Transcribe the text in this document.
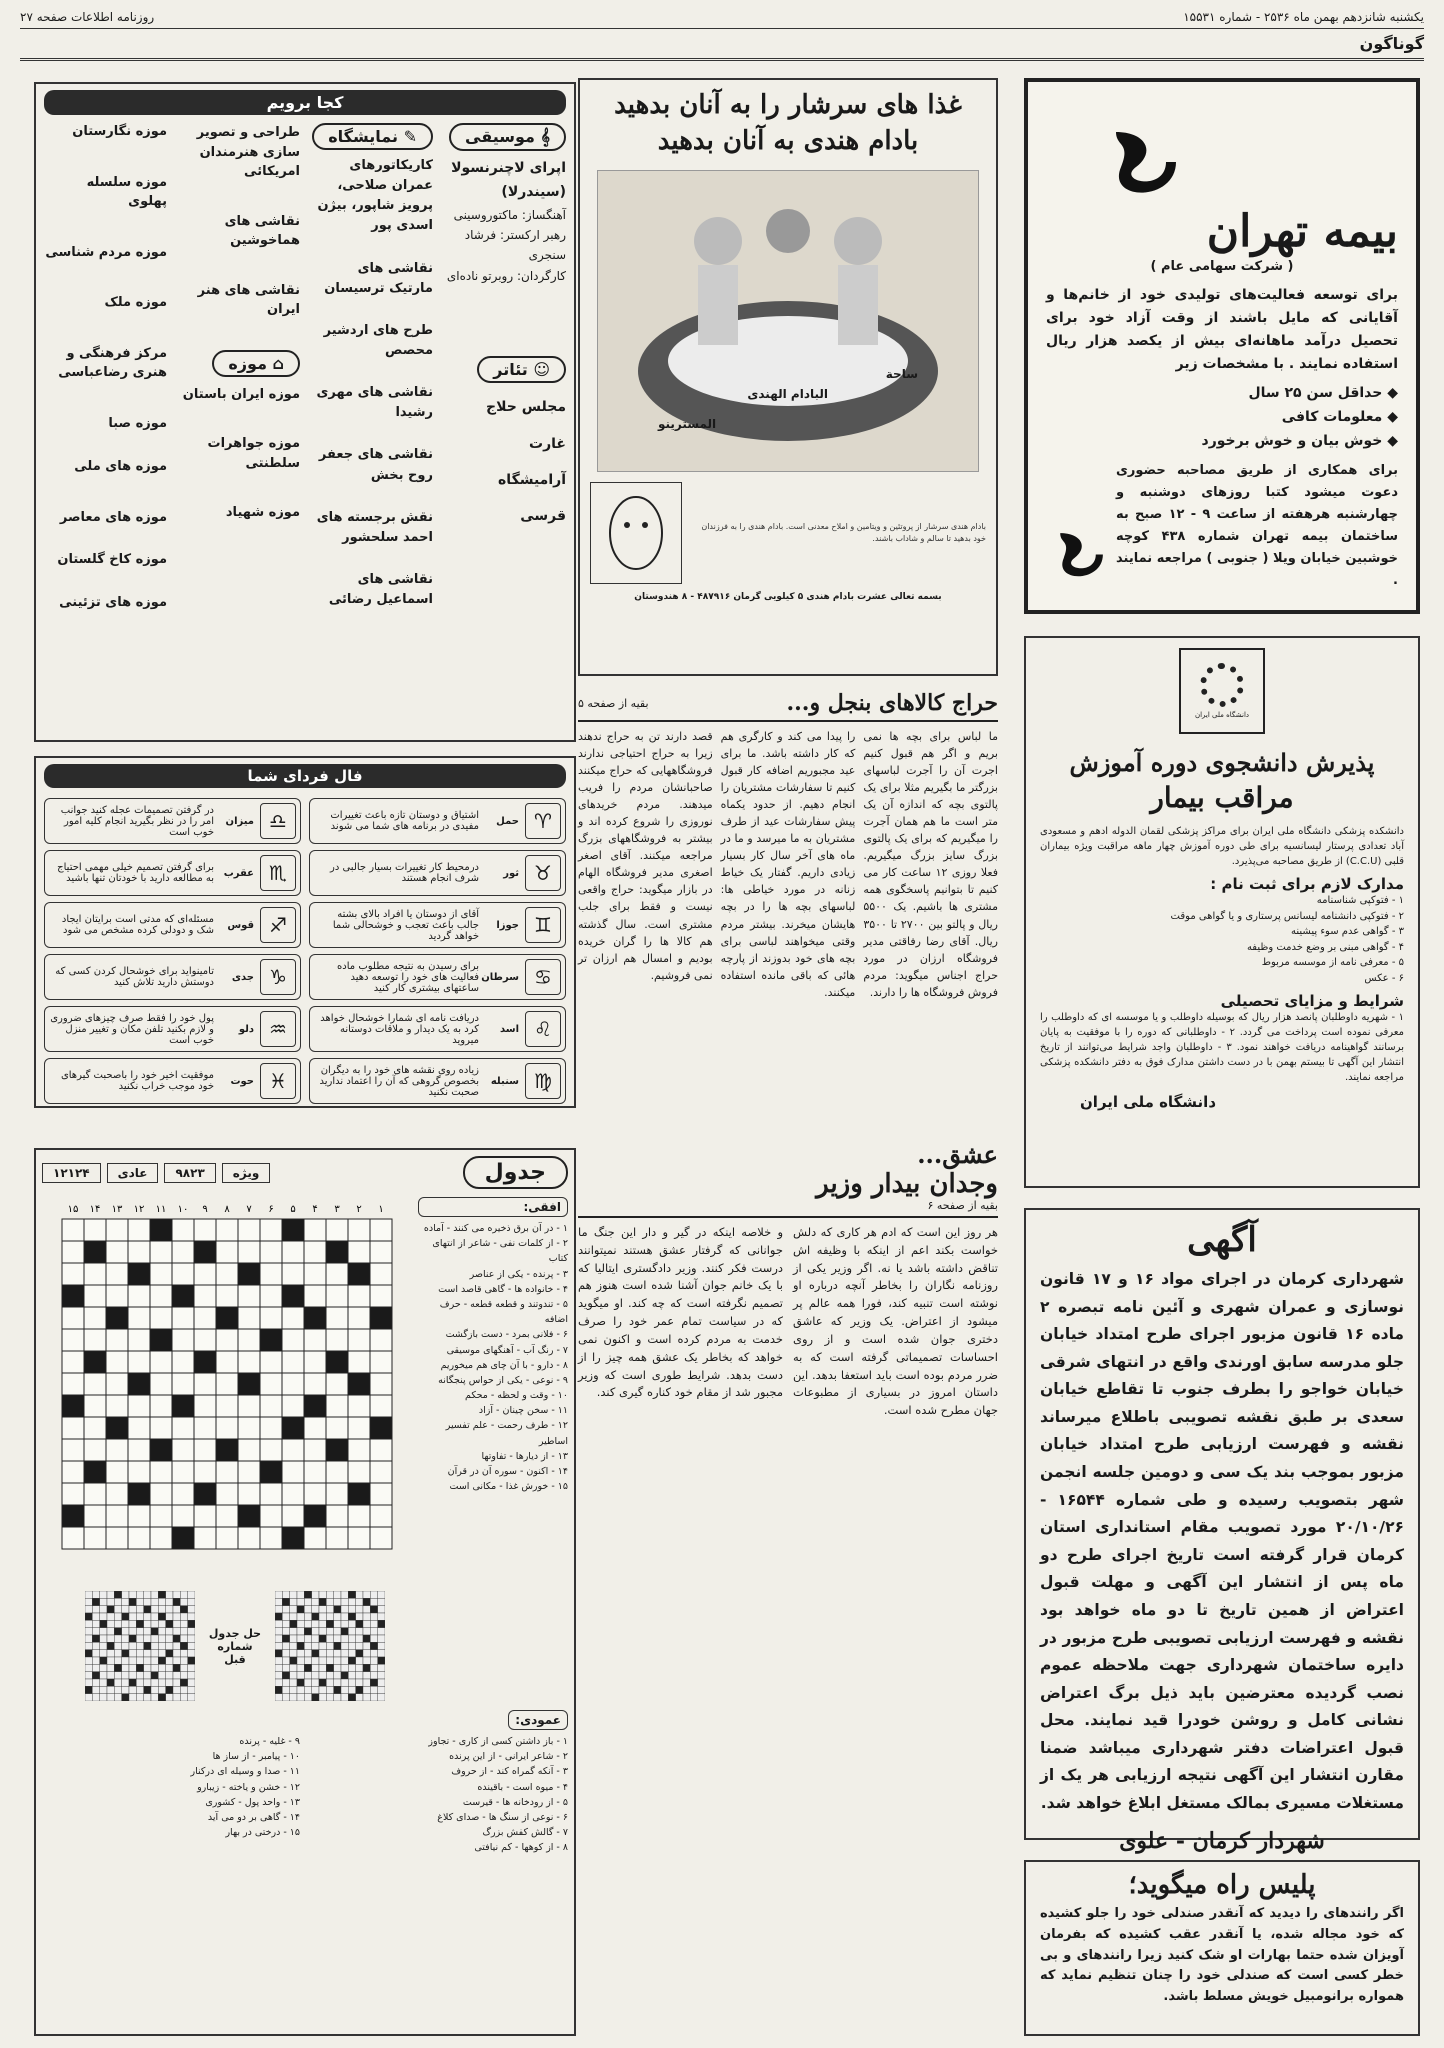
یکشنبه شانزدهم بهمن ماه ۲۵۳۶ - شماره ۱۵۵۳۱
روزنامه اطلاعات صفحه ۲۷
گوناگون
بیمه تهران
( شرکت سهامی عام )
برای توسعه فعالیت‌های تولیدی خود از خانم‌ها و آقایانی که مایل باشند از وقت آزاد خود برای تحصیل درآمد ماهانه‌ای بیش از یکصد هزار ریال استفاده نمایند . با مشخصات زیر
◆ حداقل سن ۲۵ سال
◆ معلومات کافی
◆ خوش بیان و خوش برخورد
برای همکاری از طریق مصاحبه حضوری دعوت میشود کتبا روزهای دوشنبه و چهارشنبه هرهفته از ساعت ۹ - ۱۲ صبح به ساختمان بیمه تهران شماره ۴۳۸ کوچه خوشبین خیابان ویلا ( جنوبی ) مراجعه نمایند .
دانشگاه ملی ایران
پذیرش دانشجوی دوره آموزش
مراقب بیمار
دانشکده پزشکی دانشگاه ملی ایران برای مراکز پزشکی لقمان الدوله ادهم و مسعودی آباد تعدادی پرستار لیسانسیه برای طی دوره آموزش چهار ماهه مراقبت ویژه بیماران قلبی (C.C.U) از طریق مصاحبه می‌پذیرد.
مدارک لازم برای ثبت نام :
۱ - فتوکپی شناسنامه
۲ - فتوکپی دانشنامه لیسانس پرستاری و یا گواهی موقت
۳ - گواهی عدم سوء پیشینه
۴ - گواهی مبنی بر وضع خدمت وظیفه
۵ - معرفی نامه از موسسه مربوط
۶ - عکس
شرایط و مزایای تحصیلی
۱ - شهریه داوطلبان پانصد هزار ریال که بوسیله داوطلب و یا موسسه ای که داوطلب را معرفی نموده است پرداخت می گردد. ۲ - داوطلبانی که دوره را با موفقیت به پایان برسانند گواهینامه دریافت خواهند نمود. ۳ - داوطلبان واجد شرایط می‌توانند از تاریخ انتشار این آگهی تا بیستم بهمن با در دست داشتن مدارک فوق به دفتر دانشکده پزشکی مراجعه نمایند.
دانشگاه ملی ایران
آگهی
شهرداری کرمان در اجرای مواد ۱۶ و ۱۷ قانون نوسازی و عمران شهری و آئین نامه تبصره ۲ ماده ۱۶ قانون مزبور اجرای طرح امتداد خیابان جلو مدرسه سابق اورندی واقع در انتهای شرقی خیابان خواجو را بطرف جنوب تا تقاطع خیابان سعدی بر طبق نقشه تصویبی باطلاع میرساند نقشه و فهرست ارزیابی طرح امتداد خیابان مزبور بموجب بند یک سی و دومین جلسه انجمن شهر بتصویب رسیده و طی شماره ۱۶۵۴۴ - ۲۰/۱۰/۲۶ مورد تصویب مقام استانداری استان کرمان قرار گرفته است تاریخ اجرای طرح دو ماه پس از انتشار این آگهی و مهلت قبول اعتراض از همین تاریخ تا دو ماه خواهد بود نقشه و فهرست ارزیابی تصویبی طرح مزبور در دایره ساختمان شهرداری جهت ملاحظه عموم نصب گردیده معترضین باید ذیل برگ اعتراض نشانی کامل و روشن خودرا قید نمایند. محل قبول اعتراضات دفتر شهرداری میباشد ضمنا مقارن انتشار این آگهی نتیجه ارزیابی هر یک از مستغلات مسیری بمالک مستغل ابلاغ خواهد شد.
شهردار کرمان - علوی
پلیس راه میگوید؛
اگر رانندهای را دیدید که آنقدر صندلی خود را جلو کشیده که خود مجاله شده، یا آنقدر عقب کشیده که بفرمان آویزان شده حتما بهارات او شک کنید زیرا رانندهای و بی خطر کسی است که صندلی خود را چنان تنظیم نماید که همواره برانومبیل خویش مسلط باشد.
غذا های سرشار را به آنان بدهید
بادام هندی به آنان بدهید
البادام الهندی
ساحة
المسترینو
بادام هندی سرشار از پروتئین و ویتامین و املاح معدنی است. بادام هندی را به فرزندان خود بدهید تا سالم و شاداب باشند.
بسمه تعالی عشرت بادام هندی ۵ کیلویی گرمان ۴۸۷۹۱۶ - ۸ هندوستان
حراج کالاهای بنجل و...
بقیه از صفحه ۵
ما لباس برای بچه ها نمی بریم و اگر هم قبول کنیم اجرت آن را آجرت لباسهای بزرگتر ما بگیریم مثلا برای یک پالتوی بچه که اندازه آن یک متر است ما هم همان آجرت را میگیریم که برای یک پالتوی بزرگ سایز بزرگ میگیریم. فعلا روزی ۱۲ ساعت کار می کنیم تا بتوانیم پاسخگوی همه مشتری ها باشیم. یک ۵۵۰۰ ریال و پالتو بین ۲۷۰۰ تا ۳۵۰۰ ریال. آقای رضا رفاقتی مدیر فروشگاه ارزان در مورد حراج اجناس میگوید: مردم فروش فروشگاه ها را دارند.
را پیدا می کند و کارگری هم که کار داشته باشد. ما برای عید مجبوریم اضافه کار قبول کنیم تا سفارشات مشتریان را انجام دهیم. از حدود یکماه پیش سفارشات عید از طرف مشتریان به ما میرسد و ما در ماه های آخر سال کار بسیار زیادی داریم. گفتار یک خیاط زنانه در مورد خیاطی ها: لباسهای بچه ها را در بچه هایشان میخرند. بیشتر مردم وقتی میخواهند لباسی برای بچه های خود بدوزند از پارچه هائی که باقی مانده استفاده میکنند.
قصد دارند تن به حراج ندهند زیرا به حراج احتیاجی ندارند فروشگاههایی که حراج میکنند صاحبانشان مردم را فریب میدهند. مردم خریدهای نوروزی را شروع کرده اند و بیشتر به فروشگاههای بزرگ مراجعه میکنند. آقای اصغر اصغری مدیر فروشگاه الهام در بازار میگوید: حراج واقعی نیست و فقط برای جلب مشتری است. سال گذشته هم کالا ها را گران خریده بودیم و امسال هم ارزان تر نمی فروشیم.
عشق...
وجدان بیدار وزیر
بقیه از صفحه ۶
هر روز این است که ادم هر کاری که دلش خواست بکند اعم از اینکه با وظیفه اش تناقض داشته باشد یا نه. اگر وزیر یکی از روزنامه نگاران را بخاطر آنچه درباره او نوشته است تنبیه کند، فورا همه عالم پر میشود از اعتراض. یک وزیر که عاشق دختری جوان شده است و از روی احساسات تصمیماتی گرفته است که به ضرر مردم بوده است باید استعفا بدهد. این داستان امروز در بسیاری از مطبوعات جهان مطرح شده است.
و خلاصه اینکه در گیر و دار این جنگ ما جوانانی که گرفتار عشق هستند نمیتوانند درست فکر کنند. وزیر دادگستری ایتالیا که با یک خانم جوان آشنا شده است هنوز هم تصمیم نگرفته است که چه کند. او میگوید که در سیاست تمام عمر خود را صرف خدمت به مردم کرده است و اکنون نمی خواهد که بخاطر یک عشق همه چیز را از دست بدهد. شرایط طوری است که وزیر مجبور شد از مقام خود کناره گیری کند.
کجا برویم
𝄞 موسیقی
اپرای لاچنرنسولا (سیندرلا)
آهنگساز: ماکتوروسینی
رهبر ارکستر: فرشاد سنجری
کارگردان: روبرتو ناده‌ای
☺ تئاتر
مجلس حلاج
غارت
آرامیشگاه
قرسی
✎ نمایشگاه
کاریکاتورهای عمران صلاحی، پرویز شاپور، بیژن اسدی پور
نقاشی های مارتیک ترسیسان
طرح های اردشیر محصص
نقاشی های مهری رشیدا
نقاشی های جعفر روح بخش
نقش برجسته های احمد سلحشور
نقاشی های اسماعیل رضائی
طراحی و تصویر سازی هنرمندان امریکائی
نقاشی های هماخوشین
نقاشی های هنر ایران
⌂ موزه
موزه ایران باستان
موزه جواهرات سلطنتی
موزه شهیاد
موزه نگارستان
موزه سلسله پهلوی
موزه مردم شناسی
موزه ملک
مرکز فرهنگی و هنری رضاعباسی
موزه صبا
موزه های ملی
موزه های معاصر
موزه کاخ گلستان
موزه های تزئینی
فال فردای شما
♈
حمل
اشتیاق و دوستان تازه باعث تغییرات مفیدی در برنامه های شما می شوند
♉
ثور
درمحیط کار تغییرات بسیار جالبی در شرف انجام هستند
♊
جوزا
آقای از دوستان یا افراد بالای بشته جالب باعث تعجب و خوشحالی شما خواهد گردید
♋
سرطان
برای رسیدن به نتیجه مطلوب ماده فعالیت های خود را توسعه دهید ساعتهای بیشتری کار کنید
♌
اسد
دریافت نامه ای شمارا خوشحال خواهد کرد به یک دیدار و ملاقات دوستانه میروید
♍
سنبله
زیاده روی نقشه های خود را به دیگران بخصوص گروهی که آن را اعتماد ندارید صحبت نکنید
♎
میزان
در گرفتن تصمیمات عجله کنید جوانب امر را در نظر بگیرید انجام کلیه امور خوب است
♏
عقرب
برای گرفتن تصمیم خیلی مهمی احتیاج به مطالعه دارید با خودتان تنها باشید
♐
قوس
مسئله‌ای که مدتی است برایتان ایجاد شک و دودلی کرده مشخص می شود
♑
جدی
تامینواید برای خوشحال کردن کسی که دوستش دارید تلاش کنید
♒
دلو
پول خود را فقط صرف چیزهای ضروری و لازم بکنید تلفن مکان و تغییر منزل خوب است
♓
حوت
موفقیت اخیر خود را باصحبت گیرهای خود موجب خراب نکنید
جدول
ویژه
۹۸۲۳
عادی
۱۲۱۲۴
افقی:
۱ - در آن برق ذخیره می کنند - آماده
۲ - از کلمات نفی - شاعر از انتهای کتاب
۳ - پرنده - یکی از عناصر
۴ - خانواده ها - گاهی قاصد است
۵ - تندوتند و قطعه قطعه - حرف اضافه
۶ - فلانی بمرد - دست بازگشت
۷ - رنگ آب - آهنگهای موسیقی
۸ - دارو - با آن چای هم میخوریم
۹ - نوعی - یکی از حواس پنجگانه
۱۰ - وقت و لحظه - محکم
۱۱ - سخن چینان - آزاد
۱۲ - طرف رحمت - علم تفسیر اساطیر
۱۳ - از دیارها - تفاوتها
۱۴ - اکنون - سوره آن در قرآن
۱۵ - خورش غذا - مکانی است
۱
۲
۳
۴
۵
۶
۷
۸
۹
۱۰
۱۱
۱۲
۱۳
۱۴
۱۵
حل جدول شماره قبل
عمودی:
۱ - باز داشتن کسی از کاری - تجاوز
۲ - شاعر ایرانی - از این پرنده
۳ - آنکه گمراه کند - از حروف
۴ - میوه است - باقینده
۵ - از رودخانه ها - قیرست
۶ - نوعی از سنگ ها - صدای کلاغ
۷ - گالش کفش بزرگ
۸ - از کوهها - کم نیافتی
۹ - غلیه - پرنده
۱۰ - پیامبر - از ساز ها
۱۱ - صدا و وسیله ای درکنار
۱۲ - خشن و یاخته - زیبارو
۱۳ - واحد پول - کشوری
۱۴ - گاهی بر دو می آید
۱۵ - درختی در بهار
